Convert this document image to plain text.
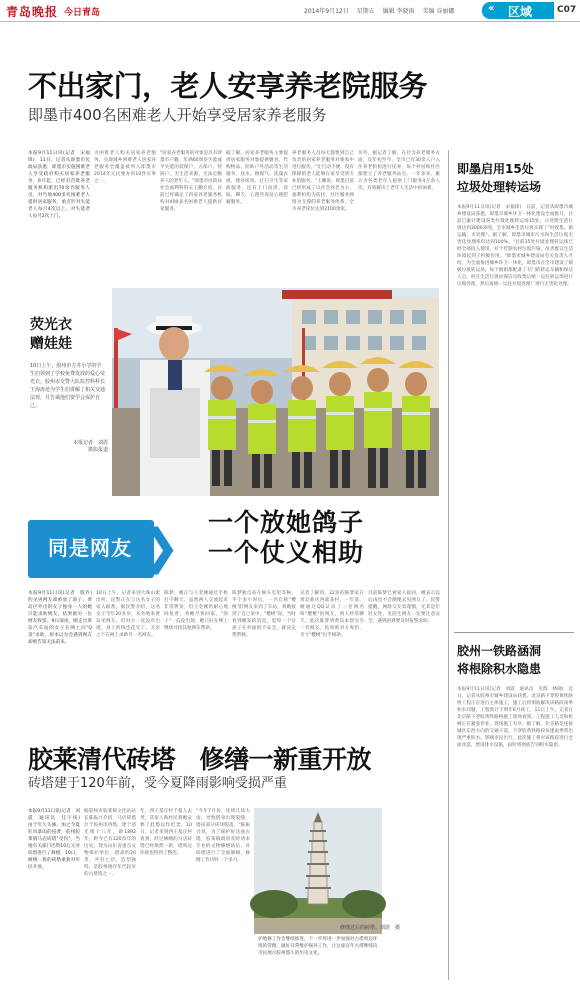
青岛晚报 今日青岛	2014年9月12日 星期五 编辑 李晓雨 美编 谷丽娜	« 区域	C07
不出家门，老人安享养老院服务
即墨市400名困难老人开始享受居家养老服务
本报9月11日讯(记者　宋福锋)　11日，记者从即墨市民政局获悉，即墨市实施困难老人享受政府购买居家养老服务，9月起，已经有首批养老服务机构派出70余名服务人员，对当地400多名困难老人提供居家服务，重点针对失能老人每月4次以上，对失能老人每月2次上门。
为困难老人购买居家养老服务，实现城乡困难老人居家养老服务全覆盖被列入即墨市2014年元民要办的10件实事之一。
"居家养老服务的对象是具有即墨市户籍，年满60周岁失能或半失能的低保户、五保户、特困户，无生活来源、无法定赡养人的老年人。"即墨市民政局社会福利科科长王鹏介绍，目前已经确定了四家养老服务机构对400多名困难老人提供居家服务。
据了解，居家养老服务主要提供居家服务对象提供膳食、代购物品、陪助户外活动等生活服务，送水、换煤气、洗澡衣被、缝补纽扣、打扫卫生等家政服务，还有上门问诊、读报、聊天、心理咨询及心理慰藉服务。
养老服务人员每天都要到自己负责的居家养老服务对象家中进行服务。"让行动不便、没有保障的老人能够在家享受到专业的服务。"王鹏说，即墨目前已经形成了以社会养老为主、福利机构为依托，社区服务网络为支撑的养老服务体系，全市养老床位达到2100余张。
另外，据记者了解，在社会养老服务方面，及年初至今，全市已有30余人户入住养老机构进行托养，每个村居和社区都建立了养老服务站点，一年多来，累计为各类老年人提供上门服务4万余人次，有效解决了老年人生活中的困难。
荧光衣
赠娃娃
10日上午，胶州市方井小学的学生们领到了学校免费发放的爱心荧光衣。胶州市交警大队监控科科长王海涛还为学生们讲解了相关交通法规，并告诫他们要学会保护自己。
本报记者　刘震
摄影报道
即墨启用15处
垃圾处理转运场
本报9月11日讯(记者　宋福锋)　日前，记者从即墨市城乡建设局获悉，即墨市城乡环卫一体化建设全面推开，目前已累计建设各类垃圾处理转运场15处，日处理生活垃圾达到3000多吨，全市城乡生活垃圾实现了"村收集、镇运输、市处理"。据了解，即墨市城市污水和生活垃圾无害化处理率均达到100%。"目前15处垃圾处理转运场已经全部投入使用，对于控制农村垃圾污染、改善群众生活环境起到了积极作用。"即墨市城乡建设局有关负责人介绍，为全面推进城乡环卫一体化，即墨市在全市建设了镇级垃圾转运场，每个镇街都配备了专门的转运车辆和保洁人员，村庄生活垃圾由保洁员收集后统一运往转运场进行压缩处理，然后再统一运往垃圾处理厂进行无害化处理。
胶州一铁路涵洞
将根除积水隐患
本报9月11日讯(记者　刘震　通讯员　史群　林晓)　近日，记者从胶州市城乡建设局获悉，北京路下穿胶黄铁路桥工程正在进行主体施工，施工后将彻底解决该路段雨季积水问题，工程预计于明年6月竣工。11日上午，记者在北京路下穿胶黄铁路桥施工现场看到，工程施工人员和机械正在紧张作业，现场施工有序。据了解，北京路是连接城区东西方向的交通干道，下穿胶黄铁路段每逢雨季常出现严重积水，影响市民出行。此次施工将对该路段进行全面改造，增设排水设施，届时将彻底告别积水隐患。
同是网友 ❯ 一个放她鸽子
一个仗义相助
本报9月11日讯(记者　殷乔)　约见男网友却被放了鸽子，黄岛区外出的女子独身一人的她只能求助网友，结果被另一位网友收留。9日深夜，刚走出黄岛汽车站的女子在网上向"Q哥"求助，原本以为会遇到网友却被告知无法前来。
10日上午，记者来到大珠山派出所，民警正在与这名女子的家人联系。据民警介绍，这名女子今年20多岁，从外地来黄岛见网友，但对方一直没有出现，身上的钱也花光了，无奈之下在网上求助另一名网友。
陈梦，她正与王金刚通过手机打字聊天。虽然两人交流起来非常费劲，但王金刚仍耐心地回复着，劝她尽快回家。"鸽子"一直没出现，她只好在网上继续寻找其他网友帮助。
陈梦独自站在候车室里等候，半个多小时后，一名自称"樱桃"的网友来到了车站，将她接到了自己家中。"樱桃"说，当时看到她发的消息，觉得一个女孩子在外面很不安全，就决定帮帮她。
记者了解到，22岁的陈梦家在黄岛新区西部某村，一年前，她通过QQ认识了一名网名叫"樱桃"的网友，两人经常聊天。此次陈梦到黄岛本想见另一名网友，结果被对方爽约，幸亏"樱桃"出手相助。
目前陈梦已被家人接回，她表示以后再也不会随便去见网友了。民警提醒，网络交友需谨慎，尤其是年轻女性，见陌生网友一定要注意安全，遇到困难要及时报警求助。
胶莱清代砖塔　修缮一新重开放
砖塔建于120年前，受今夏降雨影响受损严重
本报9月11日讯(记者　刘震　通讯员　任宇扬)　由于年久失修，加之今夏旺风暴雨的侵袭，胶州胶莱镇马店砖塔"受伤"，当地有关部门出资10万元对砖塔进行了修缮，10日，修缮一新的砖塔重新对市民开放。
据胶州市胶莱镇文化站站长陈振兴介绍，马店砖塔位于胶州市西塔，建于清光绪十八年，即1892年，距今已有120余年的历史。现为山东省重点文物保护单位，塔高约20米，共有七层，造型独特，是胶州现存年代较早的古建筑之一。
年，西王基庄村于墓人去世，其家人和村民将她安葬了此塔以作纪念。10日，记者来到西王基庄村看到，经过修缮的马店砖塔已经焕然一新，塔周边环境也得到了整治。
"今年7月份，连续几场大雨，导致塔身出现裂缝，塔顶部分砖块脱落。"陈振兴说，为了保护好这座古塔，胶莱镇政府及时请来专业的文物修缮队伍，对砖塔进行了全面修缮，修缮工作历时一个多月。
修缮过后的砖塔。刘震　摄
护地修工作会继续推进，下一步将进一步加强对古塔周边环境的管理，做好日常维护保养工作，让这座百年古塔继续向市民展示胶州悠久的历史文化。
